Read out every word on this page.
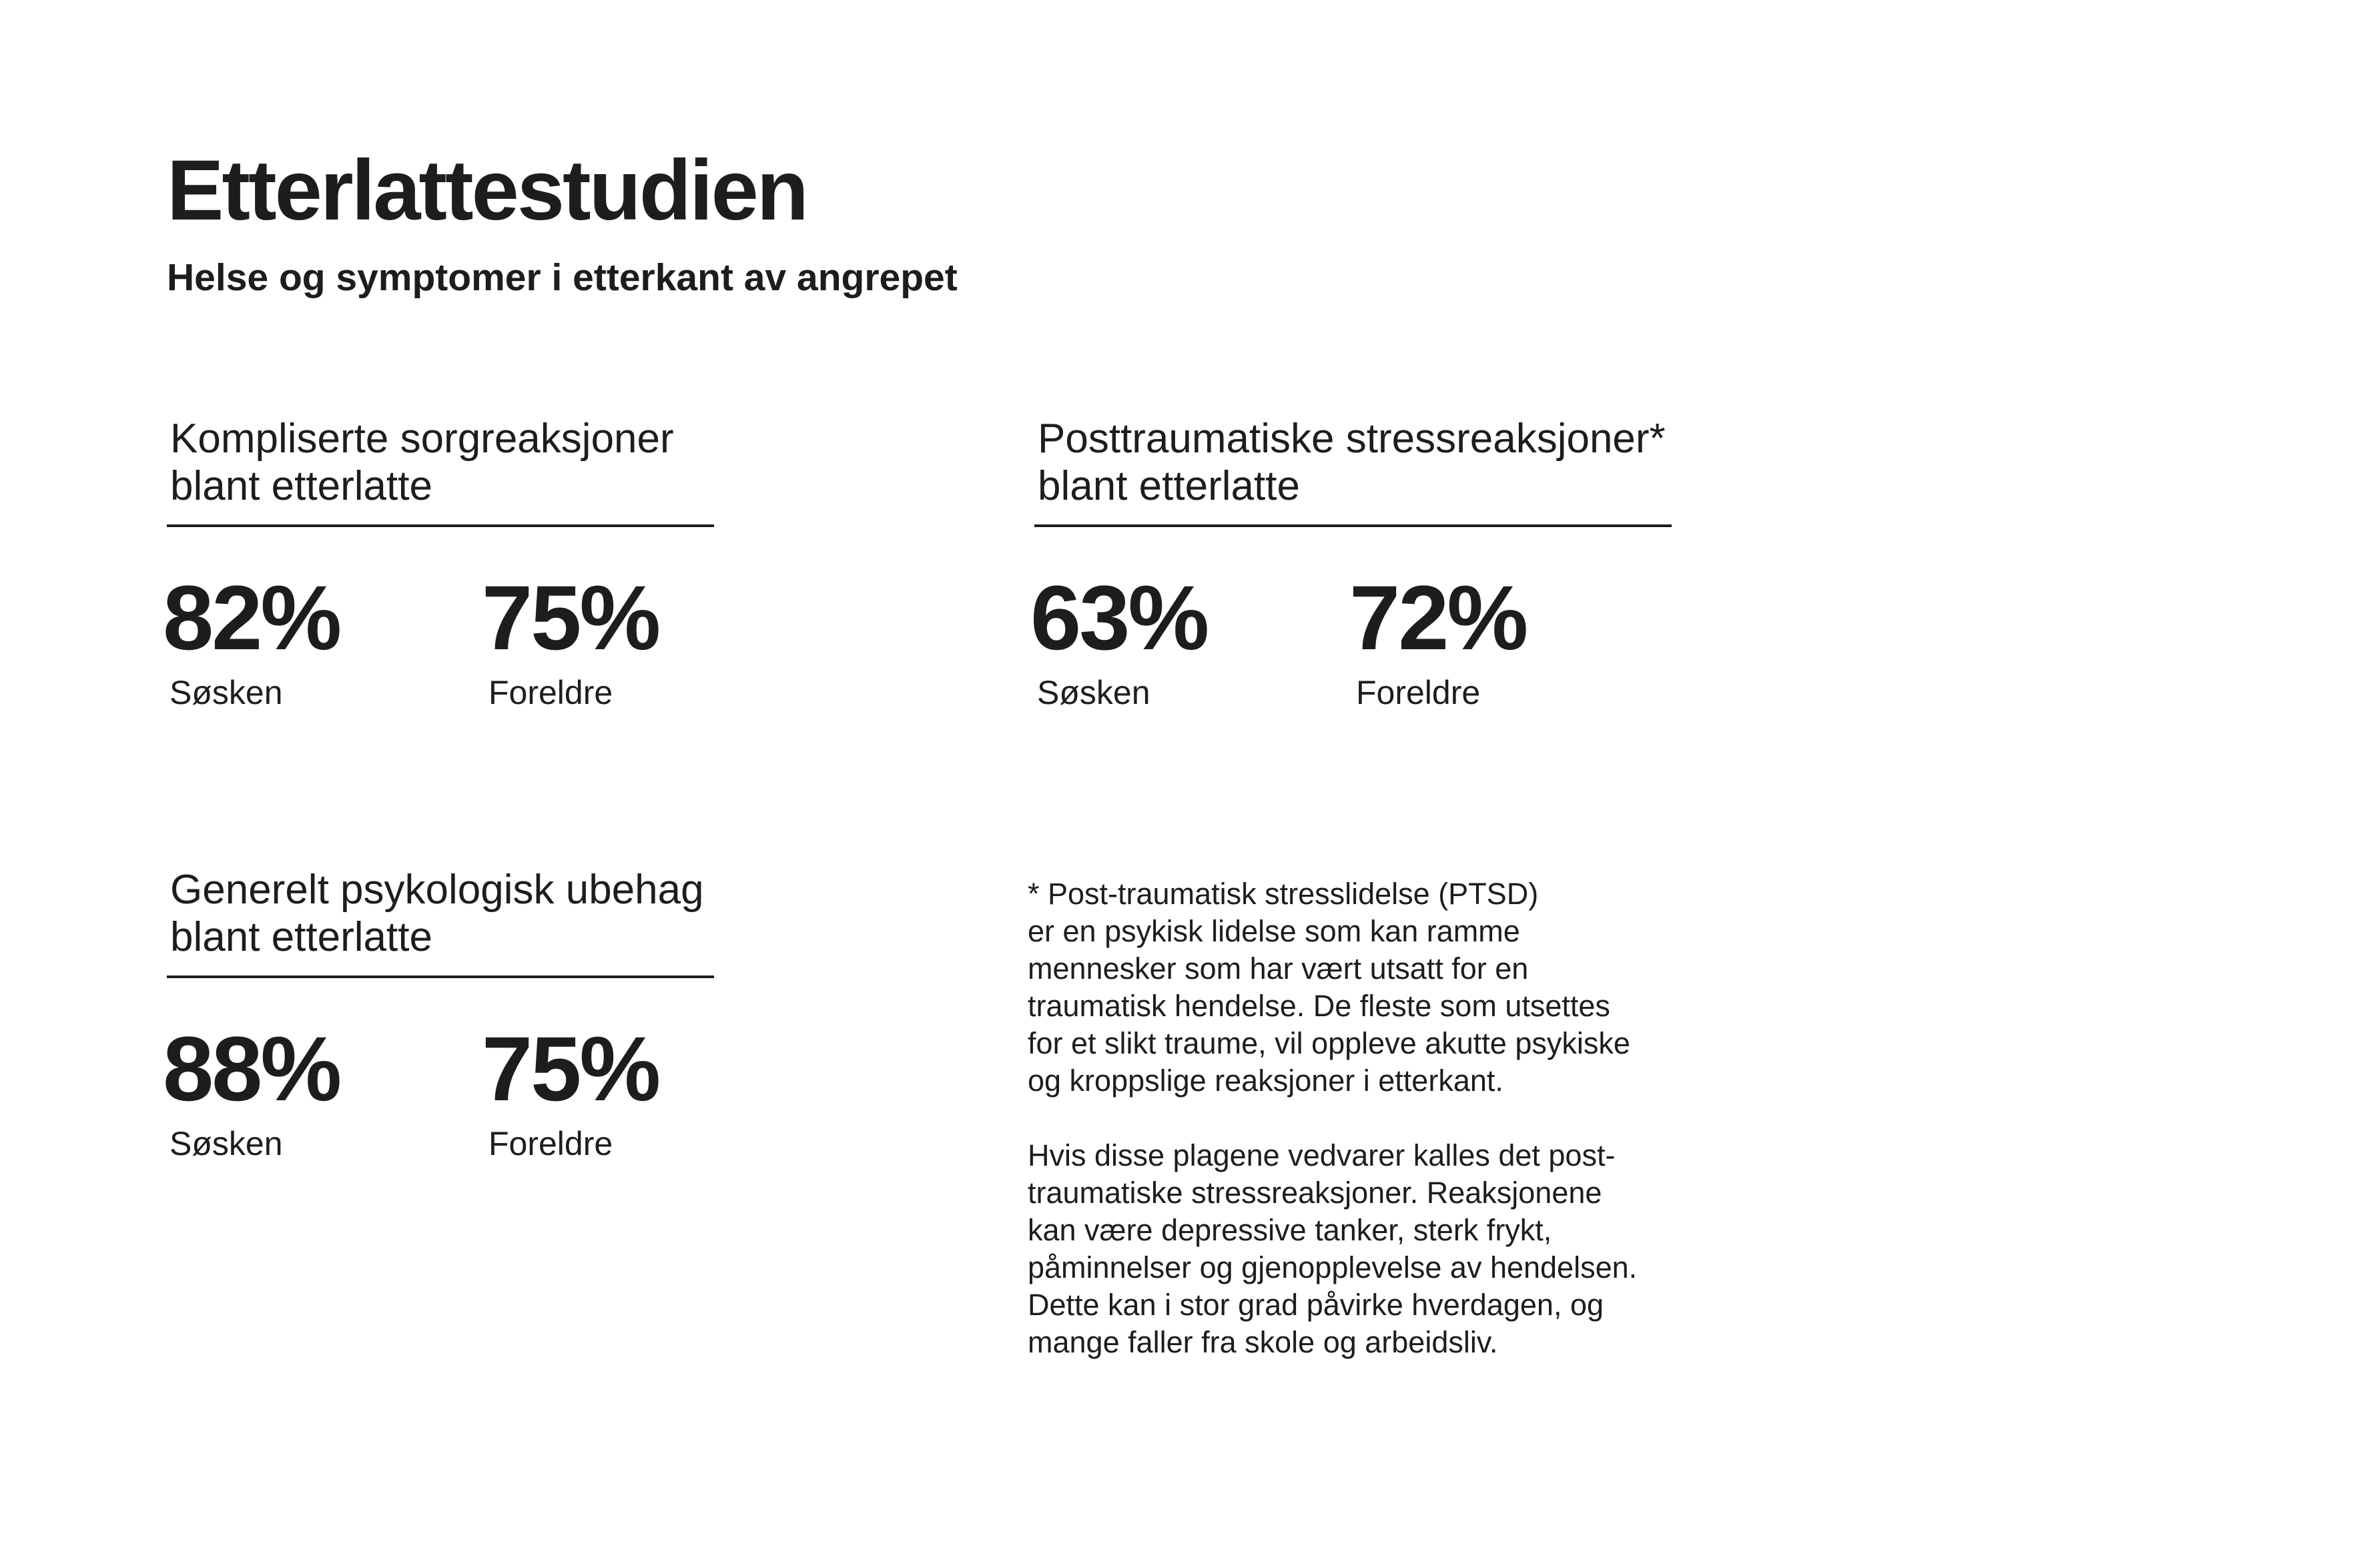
Etterlattestudien
Helse og symptomer i etterkant av angrepet
Kompliserte sorgreaksjoner
blant etterlatte
82%
Søsken
75%
Foreldre
Posttraumatiske stressreaksjoner*
blant etterlatte
63%
Søsken
72%
Foreldre
Generelt psykologisk ubehag
blant etterlatte
88%
Søsken
75%
Foreldre

* Post-traumatisk stresslidelse (PTSD)
er en psykisk lidelse som kan ramme
mennesker som har vært utsatt for en
traumatisk hendelse. De fleste som utsettes
for et slikt traume, vil oppleve akutte psykiske
og kroppslige reaksjoner i etterkant.

Hvis disse plagene vedvarer kalles det post-
traumatiske stressreaksjoner. Reaksjonene
kan være depressive tanker, sterk frykt,
påminnelser og gjenopplevelse av hendelsen.
Dette kan i stor grad påvirke hverdagen, og
mange faller fra skole og arbeidsliv.
